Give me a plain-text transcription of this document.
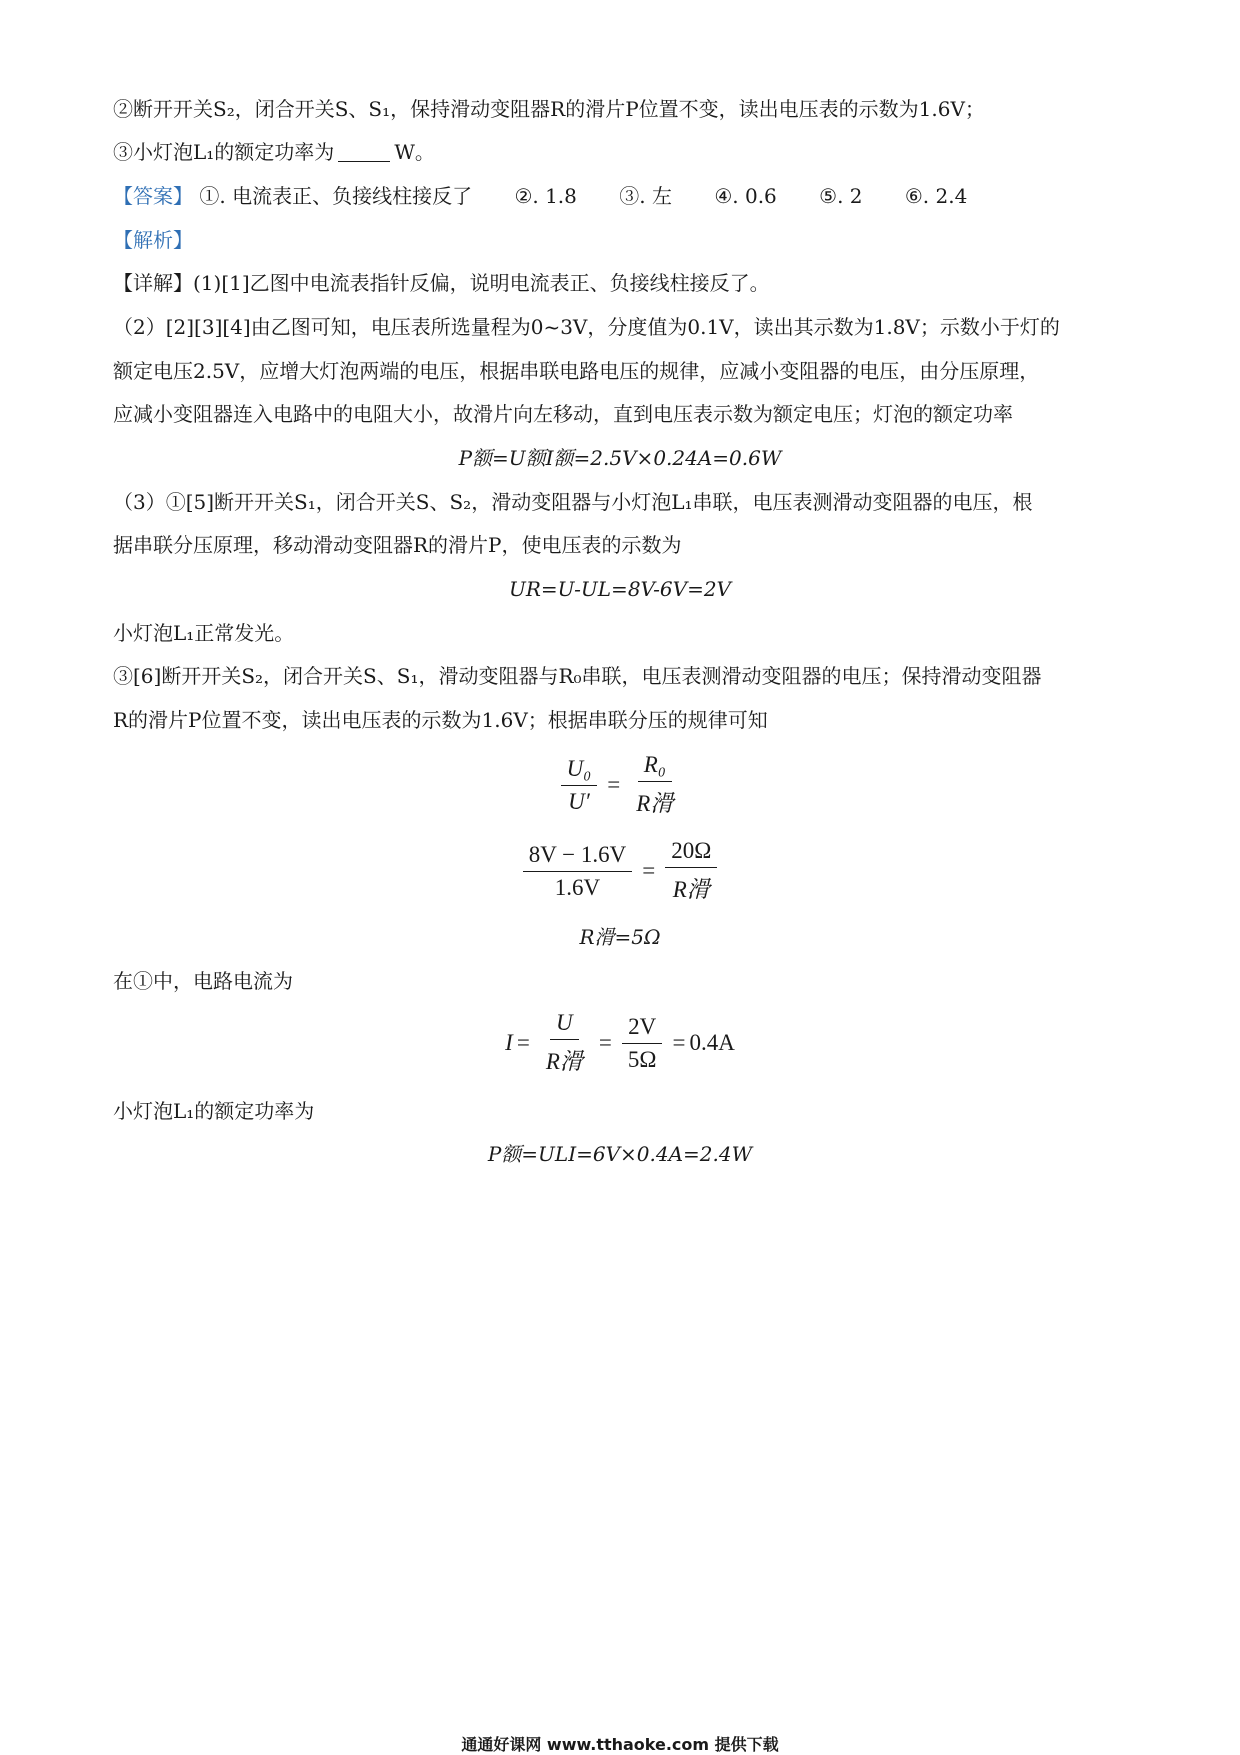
②断开开关S₂，闭合开关S、S₁，保持滑动变阻器R的滑片P位置不变，读出电压表的示数为1.6V；
③小灯泡L₁的额定功率为	W。
【答案】 ①. 电流表正、负接线柱接反了 ②. 1.8 ③. 左 ④. 0.6 ⑤. 2 ⑥. 2.4
【解析】
【详解】(1)[1]乙图中电流表指针反偏，说明电流表正、负接线柱接反了。
（2）[2][3][4]由乙图可知，电压表所选量程为0~3V，分度值为0.1V，读出其示数为1.8V；示数小于灯的
额定电压2.5V，应增大灯泡两端的电压，根据串联电路电压的规律，应减小变阻器的电压，由分压原理，
应减小变阻器连入电路中的电阻大小，故滑片向左移动，直到电压表示数为额定电压；灯泡的额定功率
P额=U额I额=2.5V×0.24A=0.6W
（3）①[5]断开开关S₁，闭合开关S、S₂，滑动变阻器与小灯泡L₁串联，电压表测滑动变阻器的电压，根
据串联分压原理，移动滑动变阻器R的滑片P，使电压表的示数为
UR=U-UL=8V-6V=2V
小灯泡L₁正常发光。
③[6]断开开关S₂，闭合开关S、S₁，滑动变阻器与R₀串联，电压表测滑动变阻器的电压；保持滑动变阻器
R的滑片P位置不变，读出电压表的示数为1.6V；根据串联分压的规律可知
$\frac{\text{U₀}}{U'} = \frac{\text{R₀}}{\text{R滑}}$
$\frac{8V - 1.6V}{1.6V} = \frac{20\Omega}{\text{R滑}}$
R滑=5Ω
在①中，电路电流为
$I = \frac{U}{\text{R滑}} = \frac{2V}{5\Omega} = 0.4A$
小灯泡L₁的额定功率为
P额=ULI=6V×0.4A=2.4W
通通好课网 www.tthaoke.com 提供下载
